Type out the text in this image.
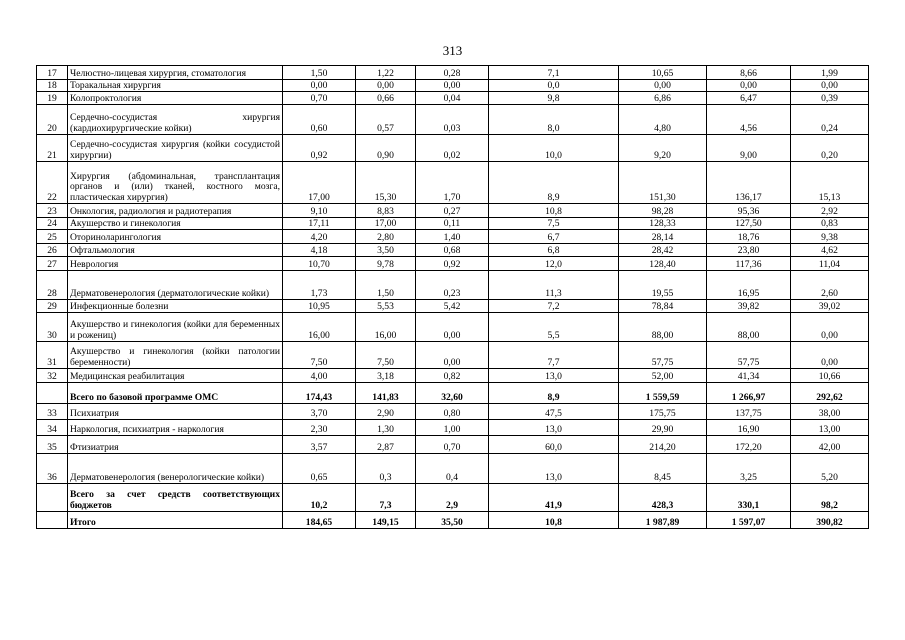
313
17	Челюстно-лицевая хирургия, стоматология	1,50	1,22	0,28	7,1	10,65	8,66	1,99
18	Торакальная хирургия	0,00	0,00	0,00	0,0	0,00	0,00	0,00
19	Колопроктология	0,70	0,66	0,04	9,8	6,86	6,47	0,39
20	Сердечно-сосудистая хирургия (кардиохирургические койки)	0,60	0,57	0,03	8,0	4,80	4,56	0,24
21	Сердечно-сосудистая хирургия (койки сосудистой хирургии)	0,92	0,90	0,02	10,0	9,20	9,00	0,20
22	Хирургия (абдоминальная, трансплантация органов и (или) тканей, костного мозга, пластическая хирургия)	17,00	15,30	1,70	8,9	151,30	136,17	15,13
23	Онкология, радиология и радиотерапия	9,10	8,83	0,27	10,8	98,28	95,36	2,92
24	Акушерство и гинекология	17,11	17,00	0,11	7,5	128,33	127,50	0,83
25	Оториноларингология	4,20	2,80	1,40	6,7	28,14	18,76	9,38
26	Офтальмология	4,18	3,50	0,68	6,8	28,42	23,80	4,62
27	Неврология	10,70	9,78	0,92	12,0	128,40	117,36	11,04
28	Дерматовенерология (дерматологические койки)	1,73	1,50	0,23	11,3	19,55	16,95	2,60
29	Инфекционные болезни	10,95	5,53	5,42	7,2	78,84	39,82	39,02
30	Акушерство и гинекология (койки для беременных и рожениц)	16,00	16,00	0,00	5,5	88,00	88,00	0,00
31	Акушерство и гинекология (койки патологии беременности)	7,50	7,50	0,00	7,7	57,75	57,75	0,00
32	Медицинская реабилитация	4,00	3,18	0,82	13,0	52,00	41,34	10,66
	Всего по базовой программе ОМС	174,43	141,83	32,60	8,9	1 559,59	1 266,97	292,62
33	Психиатрия	3,70	2,90	0,80	47,5	175,75	137,75	38,00
34	Наркология, психиатрия - наркология	2,30	1,30	1,00	13,0	29,90	16,90	13,00
35	Фтизиатрия	3,57	2,87	0,70	60,0	214,20	172,20	42,00
36	Дерматовенерология (венерологические койки)	0,65	0,3	0,4	13,0	8,45	3,25	5,20
	Всего за счет средств соответствующих бюджетов	10,2	7,3	2,9	41,9	428,3	330,1	98,2
	Итого	184,65	149,15	35,50	10,8	1 987,89	1 597,07	390,82
